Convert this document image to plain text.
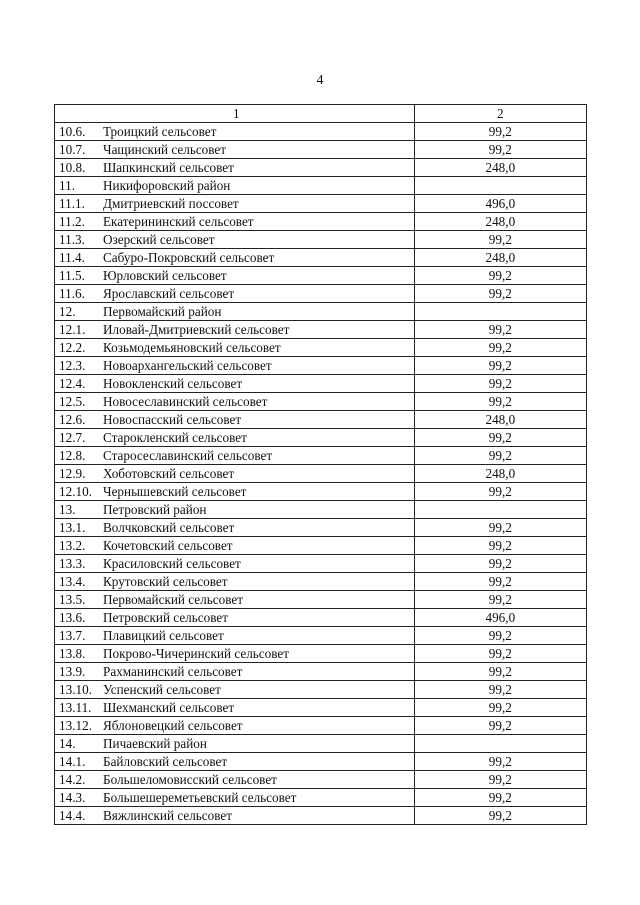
4
1	2
10.6. Троицкий сельсовет	99,2
10.7. Чащинский сельсовет	99,2
10.8. Шапкинский сельсовет	248,0
11. Никифоровский район	
11.1. Дмитриевский поссовет	496,0
11.2. Екатерининский сельсовет	248,0
11.3. Озерский сельсовет	99,2
11.4. Сабуро-Покровский сельсовет	248,0
11.5. Юрловский сельсовет	99,2
11.6. Ярославский сельсовет	99,2
12. Первомайский район	
12.1. Иловай-Дмитриевский сельсовет	99,2
12.2. Козьмодемьяновский сельсовет	99,2
12.3. Новоархангельский сельсовет	99,2
12.4. Новокленский сельсовет	99,2
12.5. Новосеславинский сельсовет	99,2
12.6. Новоспасский сельсовет	248,0
12.7. Старокленский сельсовет	99,2
12.8. Старосеславинский сельсовет	99,2
12.9. Хоботовский сельсовет	248,0
12.10. Чернышевский сельсовет	99,2
13. Петровский район	
13.1. Волчковский сельсовет	99,2
13.2. Кочетовский сельсовет	99,2
13.3. Красиловский сельсовет	99,2
13.4. Крутовский сельсовет	99,2
13.5. Первомайский сельсовет	99,2
13.6. Петровский сельсовет	496,0
13.7. Плавицкий сельсовет	99,2
13.8. Покрово-Чичеринский сельсовет	99,2
13.9. Рахманинский сельсовет	99,2
13.10. Успенский сельсовет	99,2
13.11. Шехманский сельсовет	99,2
13.12. Яблоновецкий сельсовет	99,2
14. Пичаевский район	
14.1. Байловский сельсовет	99,2
14.2. Большеломовисский сельсовет	99,2
14.3. Большешереметьевский сельсовет	99,2
14.4. Вяжлинский сельсовет	99,2
